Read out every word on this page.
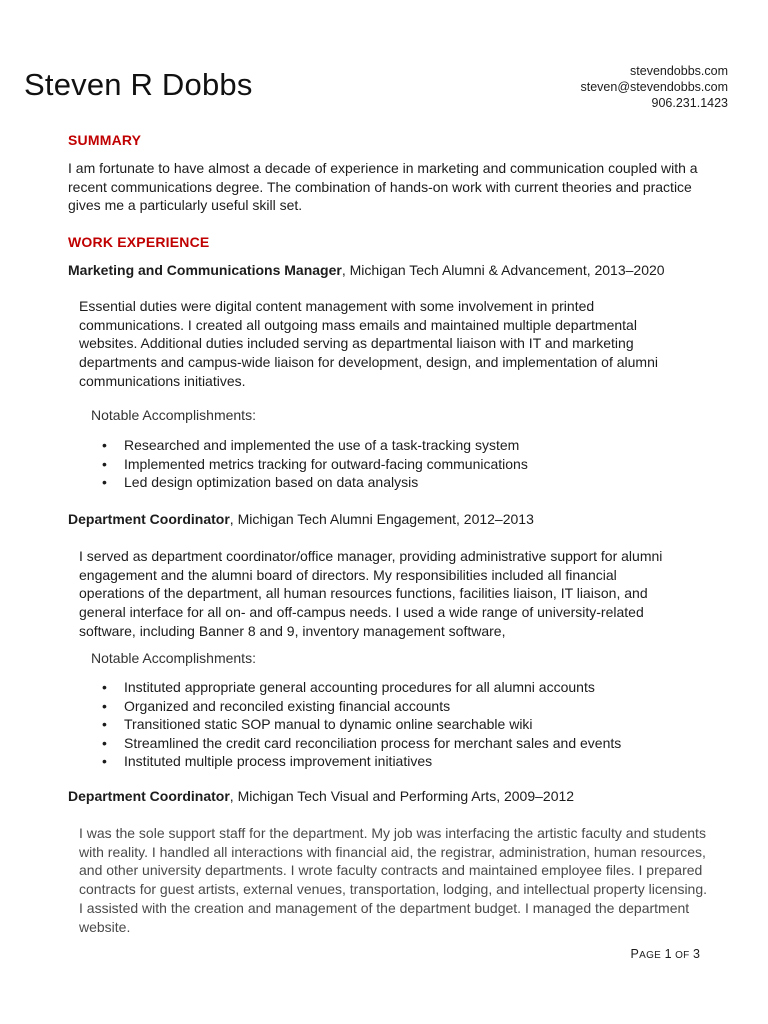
Steven R Dobbs	stevendobbs.com
steven@stevendobbs.com
906.231.1423
SUMMARY

I am fortunate to have almost a decade of experience in marketing and communication coupled with a recent communications degree. The combination of hands-on work with current theories and practice gives me a particularly useful skill set.

WORK EXPERIENCE

Marketing and Communications Manager, Michigan Tech Alumni & Advancement, 2013–2020

Essential duties were digital content management with some involvement in printed communications. I created all outgoing mass emails and maintained multiple departmental websites. Additional duties included serving as departmental liaison with IT and marketing departments and campus-wide liaison for development, design, and implementation of alumni communications initiatives.

Notable Accomplishments:

• Researched and implemented the use of a task-tracking system
• Implemented metrics tracking for outward-facing communications
• Led design optimization based on data analysis

Department Coordinator, Michigan Tech Alumni Engagement, 2012–2013

I served as department coordinator/office manager, providing administrative support for alumni engagement and the alumni board of directors. My responsibilities included all financial operations of the department, all human resources functions, facilities liaison, IT liaison, and general interface for all on- and off-campus needs. I used a wide range of university-related software, including Banner 8 and 9, inventory management software,

Notable Accomplishments:

• Instituted appropriate general accounting procedures for all alumni accounts
• Organized and reconciled existing financial accounts
• Transitioned static SOP manual to dynamic online searchable wiki
• Streamlined the credit card reconciliation process for merchant sales and events
• Instituted multiple process improvement initiatives

Department Coordinator, Michigan Tech Visual and Performing Arts, 2009–2012

I was the sole support staff for the department. My job was interfacing the artistic faculty and students with reality. I handled all interactions with financial aid, the registrar, administration, human resources, and other university departments. I wrote faculty contracts and maintained employee files. I prepared contracts for guest artists, external venues, transportation, lodging, and intellectual property licensing. I assisted with the creation and management of the department budget. I managed the department website.

PAGE 1 OF 3
